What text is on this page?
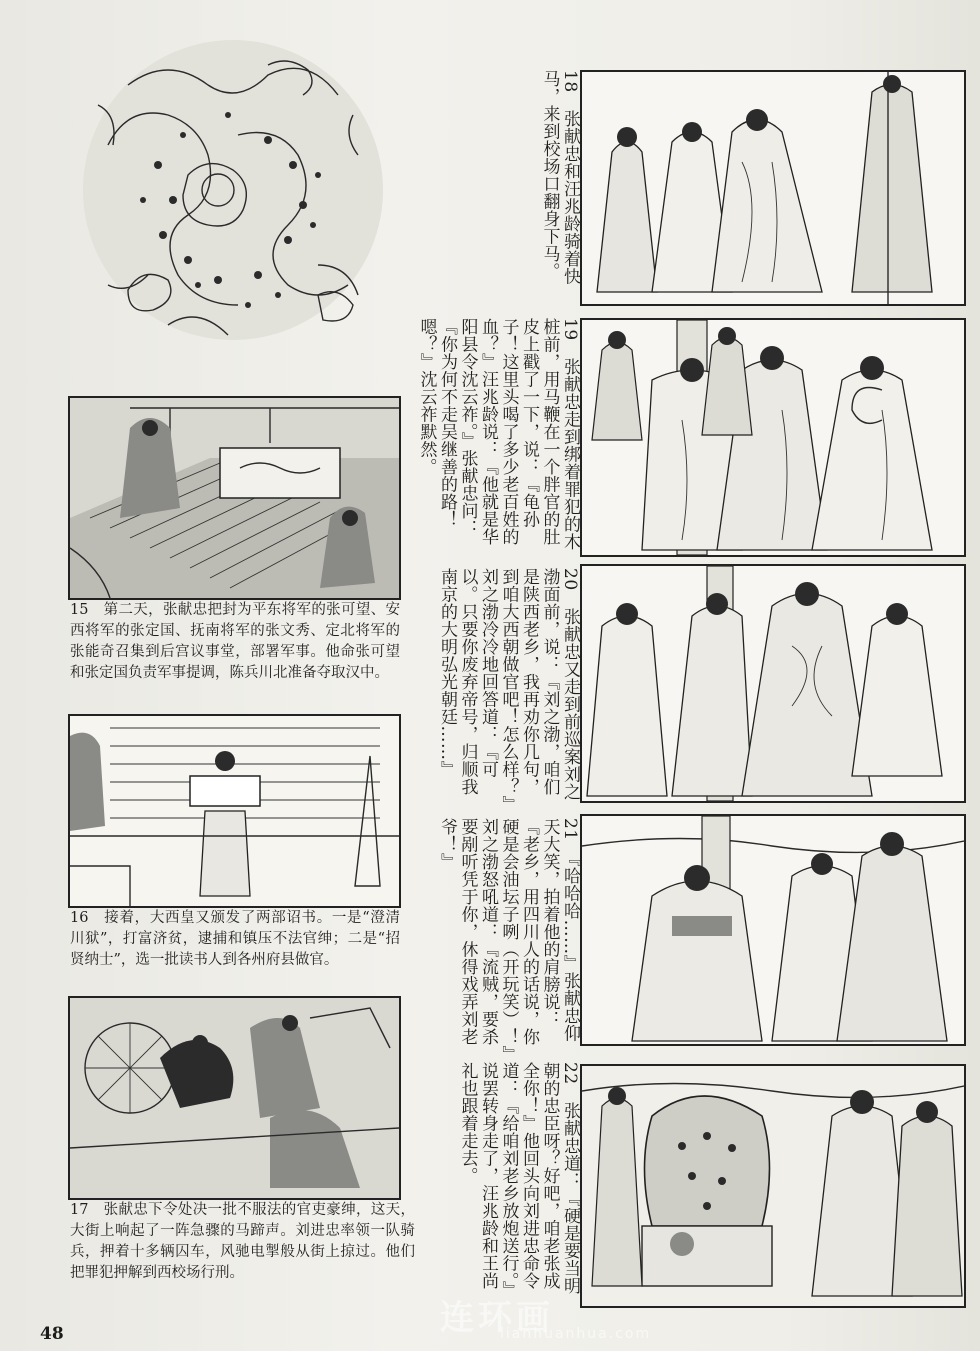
15　第二天，张献忠把封为平东将军的张可望、安西将军的张定国、抚南将军的张文秀、定北将军的张能奇召集到后宫议事堂，部署军事。他命张可望和张定国负责军事提调，陈兵川北准备夺取汉中。
16　接着，大西皇又颁发了两部诏书。一是“澄清川狱”，打富济贫，逮捕和镇压不法官绅；二是“招贤纳士”，选一批读书人到各州府县做官。
17　张献忠下令处决一批不服法的官吏豪绅，这天，大街上响起了一阵急骤的马蹄声。刘进忠率领一队骑兵，押着十多辆囚车，风驰电掣般从街上掠过。他们把罪犯押解到西校场行刑。
18　张献忠和汪兆龄骑着快马，来到校场口翻身下马。
19　张献忠走到绑着罪犯的木桩前，用马鞭在一个胖官的肚皮上戳了一下，说：『龟孙子！这里头喝了多少老百姓的血？』汪兆龄说：『他就是华阳县令沈云祚。』张献忠问：『你为何不走吴继善的路！嗯？』沈云祚默然。
20　张献忠又走到前巡案刘之渤面前，说：『刘之渤，咱们是陕西老乡，我再劝你几句，到咱大西朝做官吧！怎么样？』刘之渤冷冷地回答道：『可以。只要你废弃帝号，归顺我南京的大明弘光朝廷……』
21　『哈哈哈……』张献忠仰天大笑，拍着他的肩膀说：『老乡，用四川人的话说，你硬是会油坛子咧（开玩笑）！』刘之渤怒吼道：『流贼，要杀要剐听凭于你，休得戏弄刘老爷！』
22　张献忠道：『硬是要当明朝的忠臣呀？好吧，咱老张成全你！』他回头向刘进忠命令道：『给咱刘老乡放炮送行。』说罢转身走了，汪兆龄和王尚礼也跟着走去。
连环画
lianhuanhua.com
48
